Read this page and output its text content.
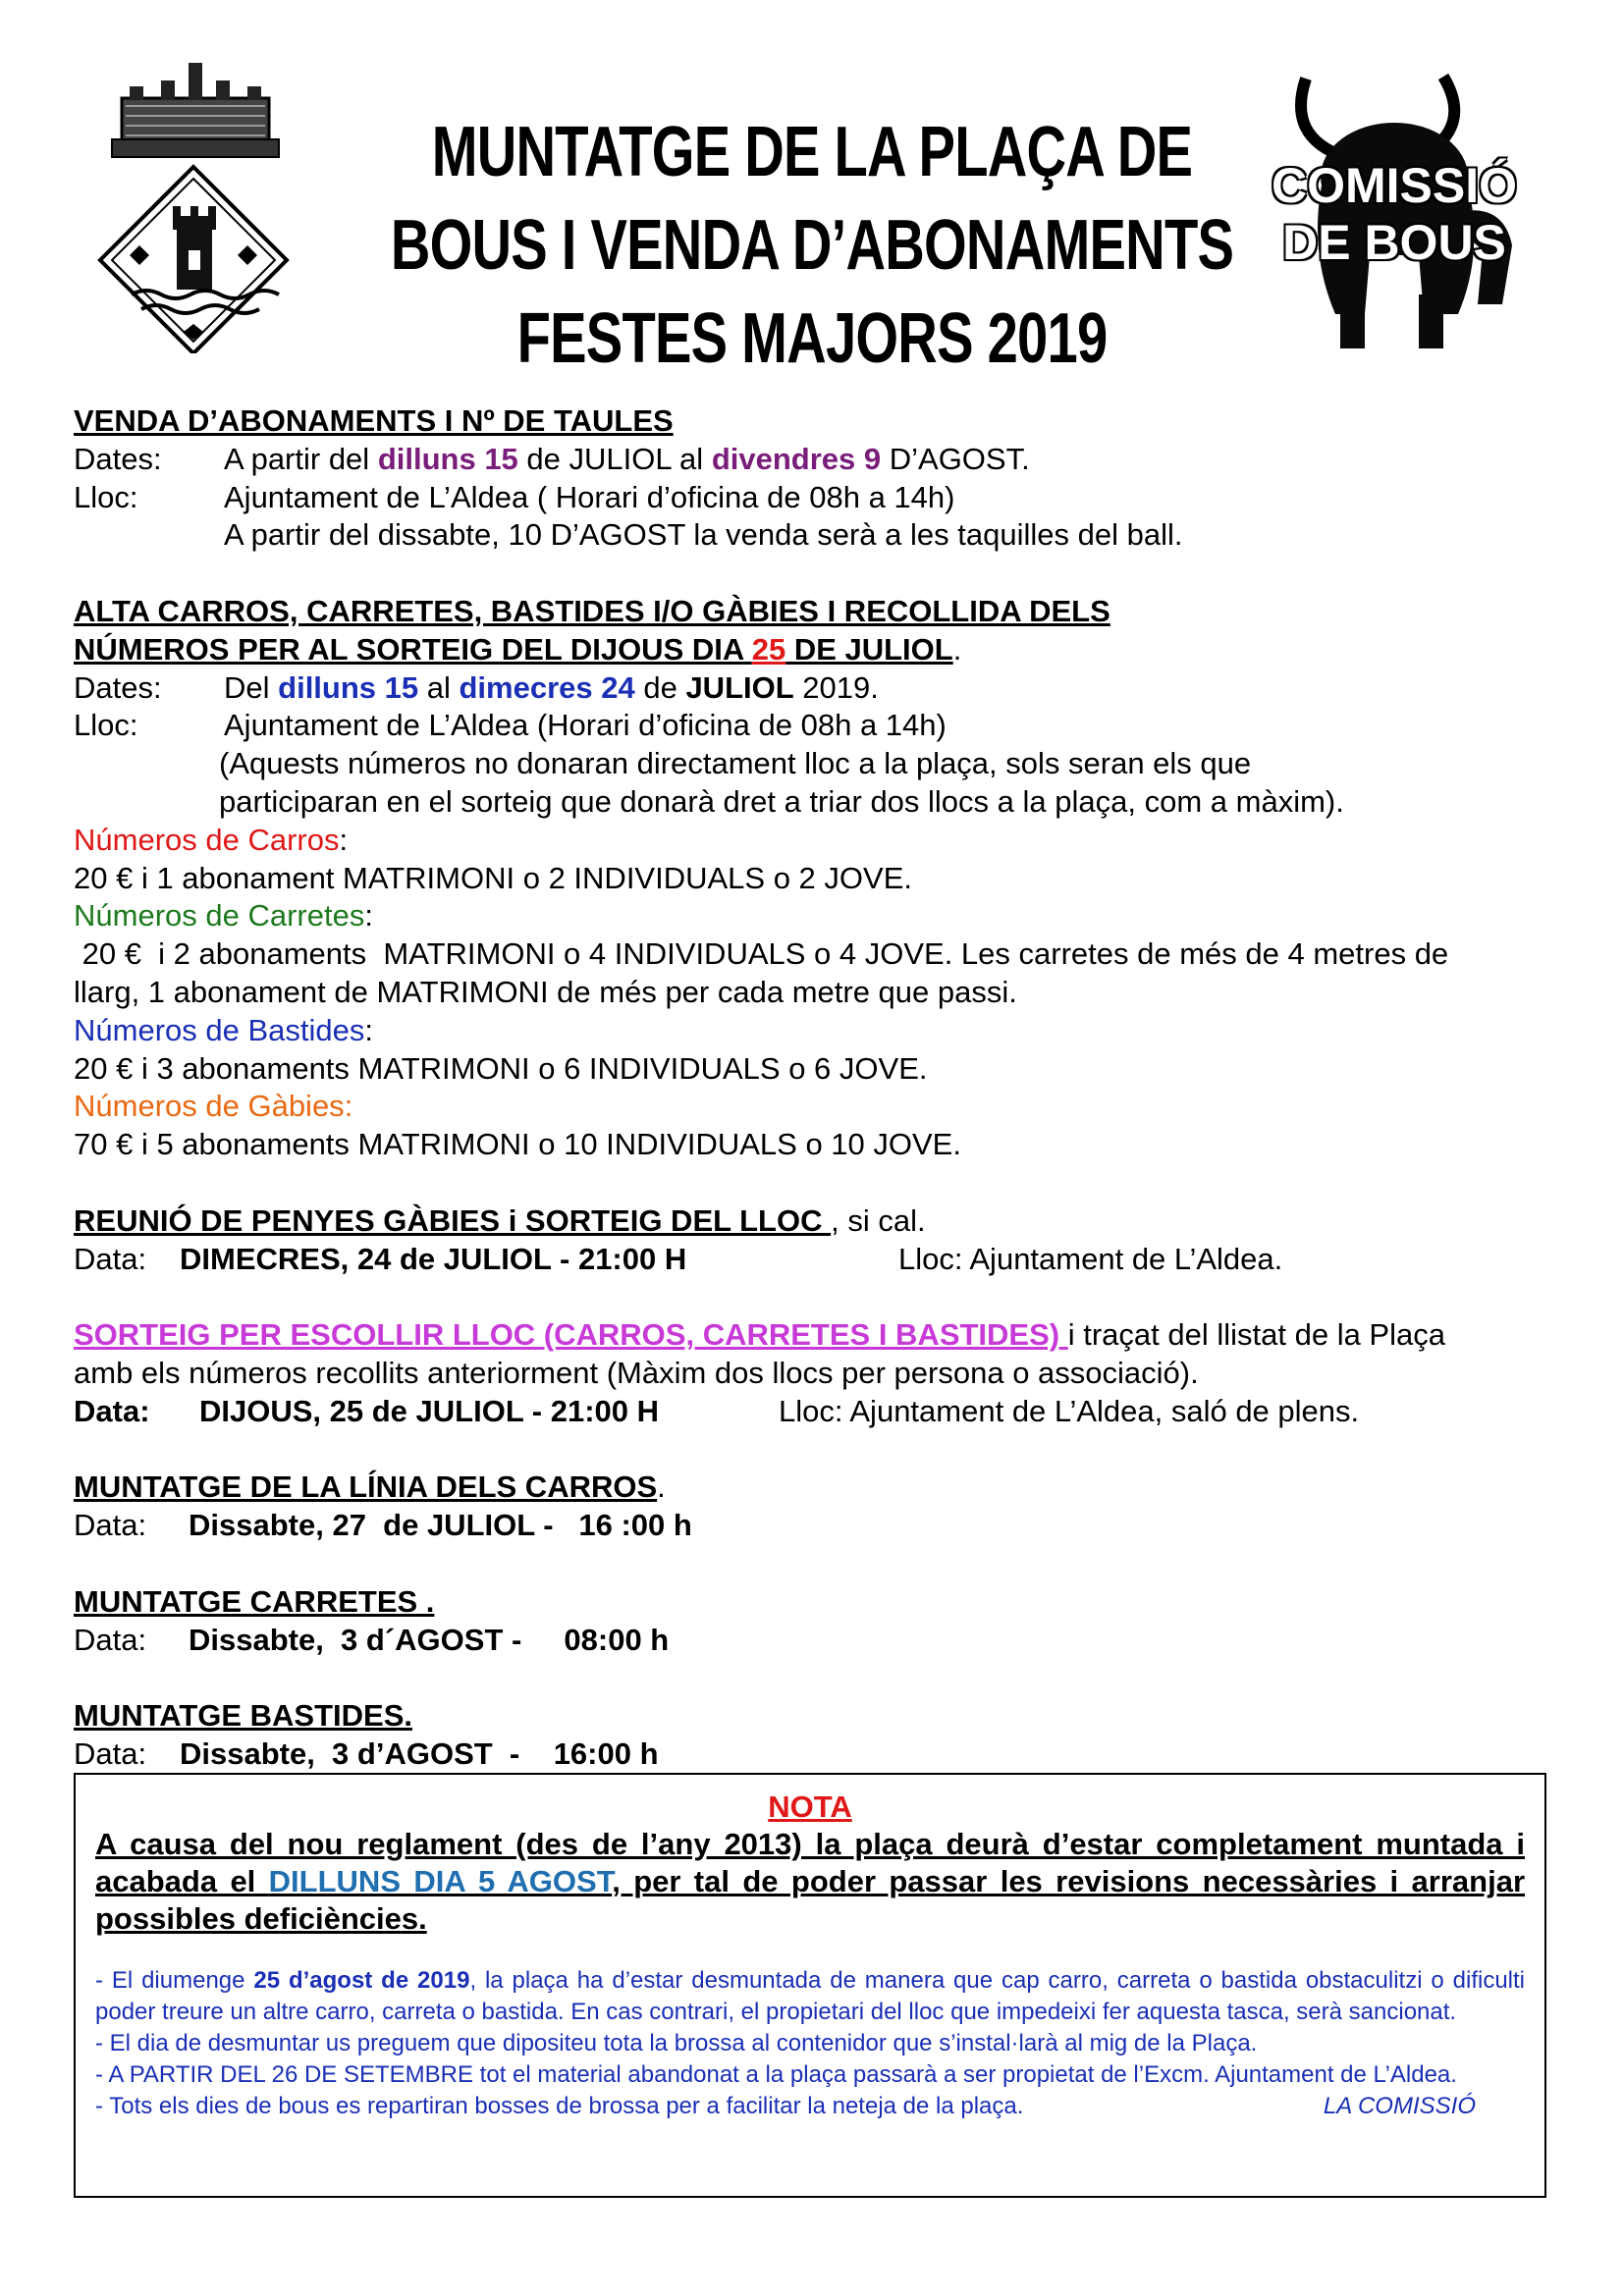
MUNTATGE DE LA PLAÇA DE
BOUS I VENDA D’ABONAMENTS
FESTES MAJORS 2019
COMISSIÓ
DE BOUS
VENDA D’ABONAMENTS I Nº DE TAULES
Dates: A partir del dilluns 15 de JULIOL al divendres 9 D’AGOST.
Lloc:	Ajuntament de L’Aldea ( Horari d’oficina de 08h a 14h)
A partir del dissabte, 10 D’AGOST la venda serà a les taquilles del ball.
ALTA CARROS, CARRETES, BASTIDES I/O GÀBIES I RECOLLIDA DELS
NÚMEROS PER AL SORTEIG DEL DIJOUS DIA 25 DE JULIOL.
Dates: Del dilluns 15 al dimecres 24 de JULIOL 2019.
Lloc:	Ajuntament de L’Aldea (Horari d’oficina de 08h a 14h)
(Aquests números no donaran directament lloc a la plaça, sols seran els que
participaran en el sorteig que donarà dret a triar dos llocs a la plaça, com a màxim).
Números de Carros:
20 € i 1 abonament MATRIMONI o 2 INDIVIDUALS o 2 JOVE.
Números de Carretes:
20 €  i 2 abonaments  MATRIMONI o 4 INDIVIDUALS o 4 JOVE. Les carretes de més de 4 metres de
llarg, 1 abonament de MATRIMONI de més per cada metre que passi.
Números de Bastides:
20 € i 3 abonaments MATRIMONI o 6 INDIVIDUALS o 6 JOVE.
Números de Gàbies:
70 € i 5 abonaments MATRIMONI o 10 INDIVIDUALS o 10 JOVE.
REUNIÓ DE PENYES GÀBIES i SORTEIG DEL LLOC , si cal.
Data: DIMECRES, 24 de JULIOL - 21:00 H	Lloc: Ajuntament de L’Aldea.
SORTEIG PER ESCOLLIR LLOC (CARROS, CARRETES I BASTIDES) i traçat del llistat de la Plaça
amb els números recollits anteriorment (Màxim dos llocs per persona o associació).
Data: DIJOUS, 25 de JULIOL - 21:00 H	Lloc: Ajuntament de L’Aldea, saló de plens.
MUNTATGE DE LA LÍNIA DELS CARROS.
Data: Dissabte, 27  de JULIOL -   16 :00 h
MUNTATGE CARRETES .
Data: Dissabte,  3 d´AGOST -     08:00 h
MUNTATGE BASTIDES.
Data: Dissabte,  3 d’AGOST  -    16:00 h
NOTA
A causa del nou reglament (des de l’any 2013) la plaça deurà d’estar completament muntada i acabada el DILLUNS DIA 5 AGOST, per tal de poder passar les revisions necessàries i arranjar possibles deficiències.
- El diumenge 25 d’agost de 2019, la plaça ha d’estar desmuntada de manera que cap carro, carreta o bastida obstaculitzi o dificulti poder treure un altre carro, carreta o bastida. En cas contrari, el propietari del lloc que impedeixi fer aquesta tasca, serà sancionat.
- El dia de desmuntar us preguem que dipositeu tota la brossa al contenidor que s’instal·larà al mig de la Plaça.
- A PARTIR DEL 26 DE SETEMBRE tot el material abandonat a la plaça passarà a ser propietat de l’Excm. Ajuntament de L’Aldea.
- Tots els dies de bous es repartiran bosses de brossa per a facilitar la neteja de la plaça.	LA COMISSIÓ
